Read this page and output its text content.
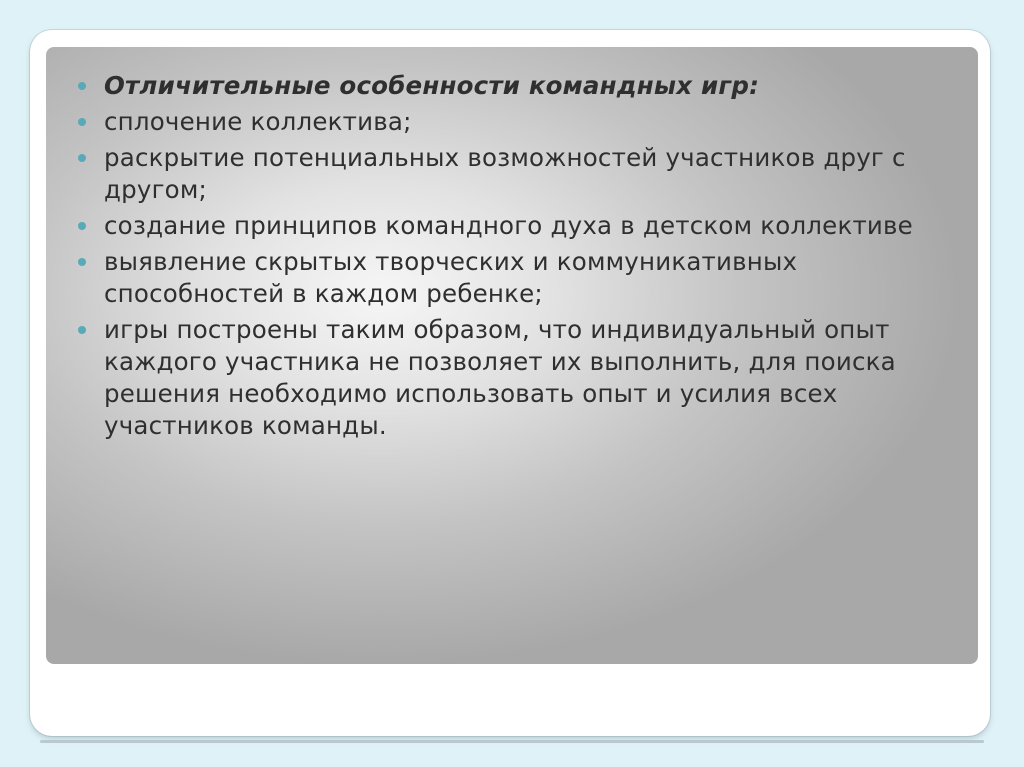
Отличительные особенности командных игр:
сплочение коллектива;
раскрытие потенциальных возможностей участников друг с другом;
создание принципов командного духа в детском коллективе
выявление скрытых творческих и коммуникативных способностей в каждом ребенке;
игры построены таким образом, что индивидуальный опыт каждого участника не позволяет их выполнить, для поиска решения необходимо использовать опыт и усилия всех участников команды.
